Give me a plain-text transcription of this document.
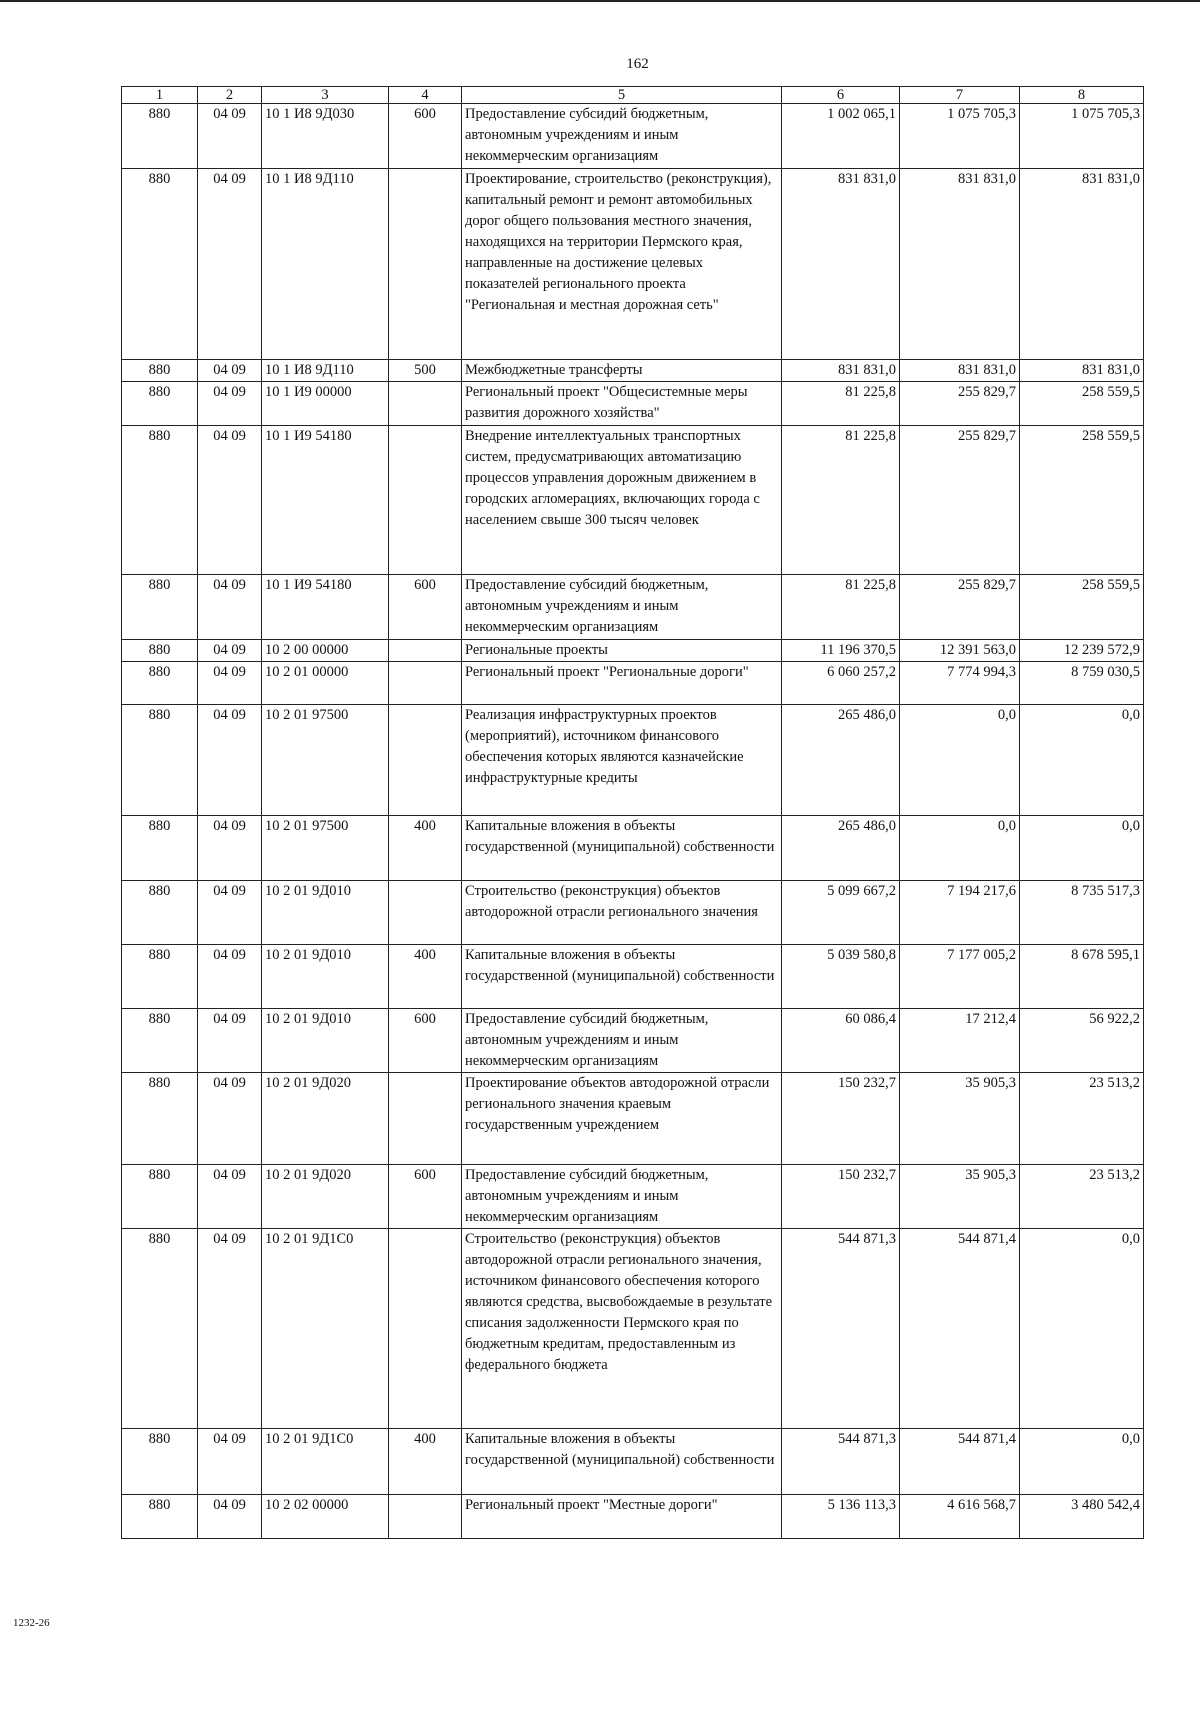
162
1	2	3	4	5	6	7	8
880	04 09	10 1 И8 9Д030	600	Предоставление субсидий бюджетным, автономным учреждениям и иным некоммерческим организациям	1 002 065,1	1 075 705,3	1 075 705,3
880	04 09	10 1 И8 9Д110		Проектирование, строительство (реконструкция), капитальный ремонт и ремонт автомобильных дорог общего пользования местного значения, находящихся на территории Пермского края, направленные на достижение целевых показателей регионального проекта "Региональная и местная дорожная сеть"	831 831,0	831 831,0	831 831,0
880	04 09	10 1 И8 9Д110	500	Межбюджетные трансферты	831 831,0	831 831,0	831 831,0
880	04 09	10 1 И9 00000		Региональный проект "Общесистемные меры развития дорожного хозяйства"	81 225,8	255 829,7	258 559,5
880	04 09	10 1 И9 54180		Внедрение интеллектуальных транспортных систем, предусматривающих автоматизацию процессов управления дорожным движением в городских агломерациях, включающих города с населением свыше 300 тысяч человек	81 225,8	255 829,7	258 559,5
880	04 09	10 1 И9 54180	600	Предоставление субсидий бюджетным, автономным учреждениям и иным некоммерческим организациям	81 225,8	255 829,7	258 559,5
880	04 09	10 2 00 00000		Региональные проекты	11 196 370,5	12 391 563,0	12 239 572,9
880	04 09	10 2 01 00000		Региональный проект "Региональные дороги"	6 060 257,2	7 774 994,3	8 759 030,5
880	04 09	10 2 01 97500		Реализация инфраструктурных проектов (мероприятий), источником финансового обеспечения которых являются казначейские инфраструктурные кредиты	265 486,0	0,0	0,0
880	04 09	10 2 01 97500	400	Капитальные вложения в объекты государственной (муниципальной) собственности	265 486,0	0,0	0,0
880	04 09	10 2 01 9Д010		Строительство (реконструкция) объектов автодорожной отрасли регионального значения	5 099 667,2	7 194 217,6	8 735 517,3
880	04 09	10 2 01 9Д010	400	Капитальные вложения в объекты государственной (муниципальной) собственности	5 039 580,8	7 177 005,2	8 678 595,1
880	04 09	10 2 01 9Д010	600	Предоставление субсидий бюджетным, автономным учреждениям и иным некоммерческим организациям	60 086,4	17 212,4	56 922,2
880	04 09	10 2 01 9Д020		Проектирование объектов автодорожной отрасли регионального значения краевым государственным учреждением	150 232,7	35 905,3	23 513,2
880	04 09	10 2 01 9Д020	600	Предоставление субсидий бюджетным, автономным учреждениям и иным некоммерческим организациям	150 232,7	35 905,3	23 513,2
880	04 09	10 2 01 9Д1С0		Строительство (реконструкция) объектов автодорожной отрасли регионального значения, источником финансового обеспечения которого являются средства, высвобождаемые в результате списания задолженности Пермского края по бюджетным кредитам, предоставленным из федерального бюджета	544 871,3	544 871,4	0,0
880	04 09	10 2 01 9Д1С0	400	Капитальные вложения в объекты государственной (муниципальной) собственности	544 871,3	544 871,4	0,0
880	04 09	10 2 02 00000		Региональный проект "Местные дороги"	5 136 113,3	4 616 568,7	3 480 542,4
1232-26
